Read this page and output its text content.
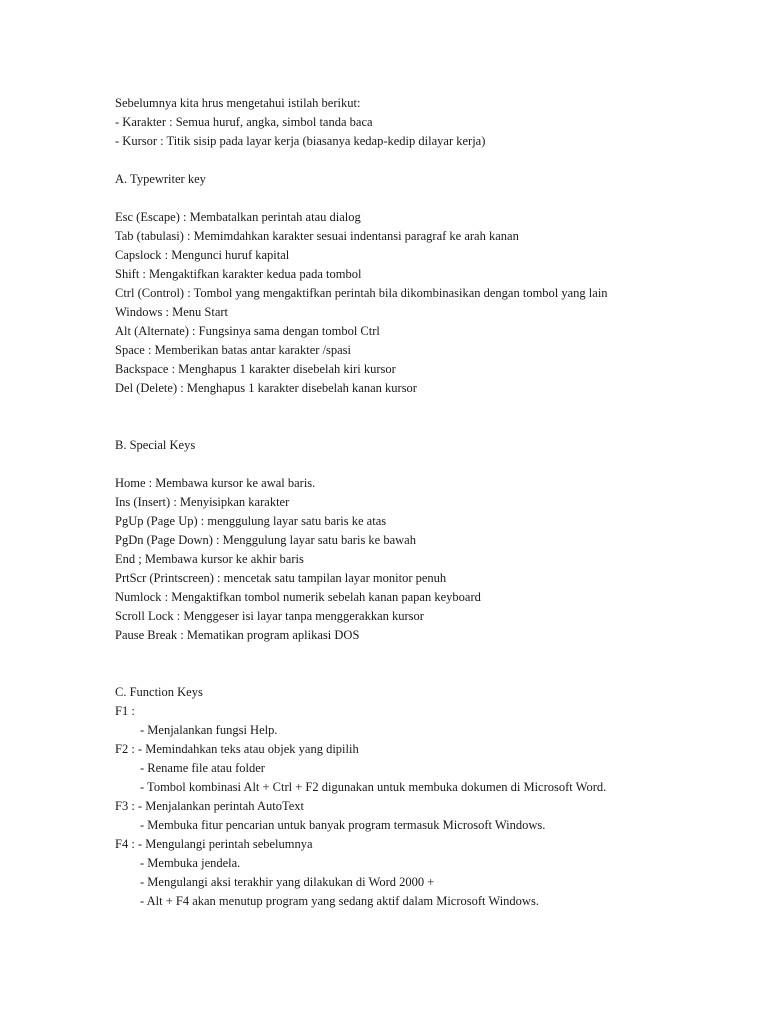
Sebelumnya kita hrus mengetahui istilah berikut:
- Karakter : Semua huruf, angka, simbol tanda baca
- Kursor : Titik sisip pada layar kerja (biasanya kedap-kedip dilayar kerja)
A. Typewriter key
Esc (Escape) : Membatalkan perintah atau dialog
Tab (tabulasi) : Memimdahkan karakter sesuai indentansi paragraf ke arah kanan
Capslock : Mengunci huruf kapital
Shift : Mengaktifkan karakter kedua pada tombol
Ctrl (Control) : Tombol yang mengaktifkan perintah bila dikombinasikan dengan tombol yang lain
Windows : Menu Start
Alt (Alternate) : Fungsinya sama dengan tombol Ctrl
Space : Memberikan batas antar karakter /spasi
Backspace : Menghapus 1 karakter disebelah kiri kursor
Del (Delete) : Menghapus 1 karakter disebelah kanan kursor
B. Special Keys
Home : Membawa kursor ke awal baris.
Ins (Insert) : Menyisipkan karakter
PgUp (Page Up) : menggulung layar satu baris ke atas
PgDn (Page Down) : Menggulung layar satu baris ke bawah
End ; Membawa kursor ke akhir baris
PrtScr (Printscreen) : mencetak satu tampilan layar monitor penuh
Numlock : Mengaktifkan tombol numerik sebelah kanan papan keyboard
Scroll Lock : Menggeser isi layar tanpa menggerakkan kursor
Pause Break : Mematikan program aplikasi DOS
C. Function Keys
F1 :
- Menjalankan fungsi Help.
F2 : - Memindahkan teks atau objek yang dipilih
- Rename file atau folder
- Tombol kombinasi Alt + Ctrl + F2 digunakan untuk membuka dokumen di Microsoft Word.
F3 : - Menjalankan perintah AutoText
- Membuka fitur pencarian untuk banyak program termasuk Microsoft Windows.
F4 : - Mengulangi perintah sebelumnya
- Membuka jendela.
- Mengulangi aksi terakhir yang dilakukan di Word 2000 +
- Alt + F4 akan menutup program yang sedang aktif dalam Microsoft Windows.
